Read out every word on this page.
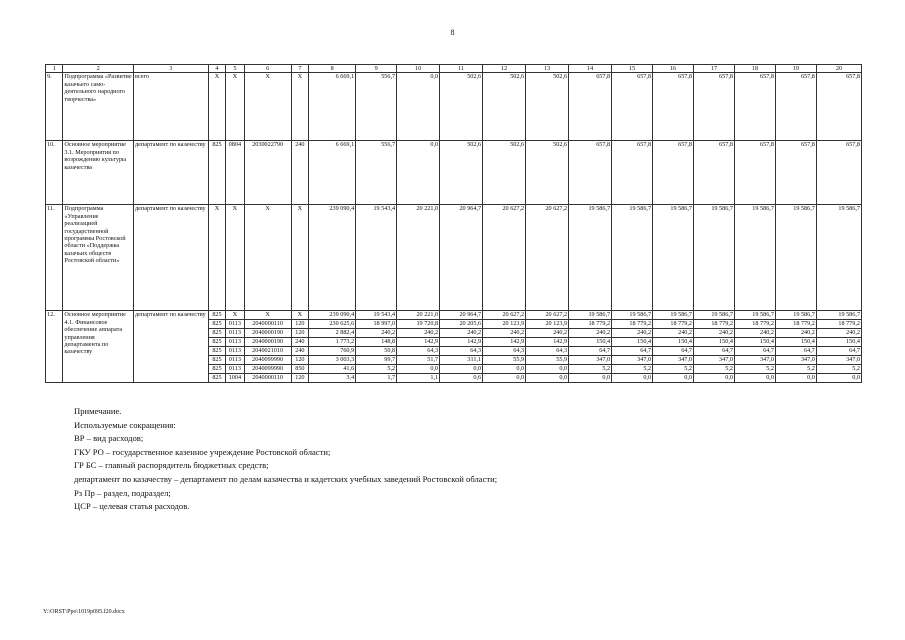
8
1	2	3	4	5	6	7	8	9	10	11	12	13	14	15	16	17	18	19	20
9.	Подпрограмма «Развитие казачьего само-деятельного народного творчества»	всего	Х	Х	Х	Х	6 669,1	556,7	0,0	502,6	502,6	502,6	657,8	657,8	657,8	657,8	657,8	657,8	657,8
10.	Основное мероприятие 3.1. Мероприятия по возрождению культуры казачества	департамент по казачеству	825	0804	2030022790	240	6 669,1	556,7	0,0	502,6	502,6	502,6	657,8	657,8	657,8	657,8	657,8	657,8	657,8
11.	Подпрограмма «Управление реализацией государственной программы Ростовской области «Поддержка казачьих обществ Ростовской области»	департамент по казачеству	Х	Х	Х	Х	239 090,4	19 543,4	20 221,0	20 964,7	20 627,2	20 627,2	19 586,7	19 586,7	19 586,7	19 586,7	19 586,7	19 586,7	19 586,7
12.	Основное мероприятие 4.1. Финансовое обеспечение аппарата управления департамента по казачеству	департамент по казачеству	825	Х	Х	Х	239 090,4	19 543,4	20 221,0	20 964,7	20 627,2	20 627,2	19 586,7	19 586,7	19 586,7	19 586,7	19 586,7	19 586,7	19 586,7
			825	0113	2040000110	120	230 625,6	18 997,0	19 720,8	20 205,6	20 123,9	20 123,9	18 779,2	18 779,2	18 779,2	18 779,2	18 779,2	18 779,2	18 779,2
			825	0113	2040000190	120	2 882,4	240,2	240,2	240,2	240,2	240,2	240,2	240,2	240,2	240,2	240,2	240,2	240,2
			825	0113	2040000190	240	1 773,2	148,8	142,9	142,9	142,9	142,9	150,4	150,4	150,4	150,4	150,4	150,4	150,4
			825	0113	2040021010	240	760,9	50,8	64,3	64,3	64,3	64,3	64,7	64,7	64,7	64,7	64,7	64,7	64,7
			825	0113	2040099990	120	3 003,3	99,7	51,7	311,1	55,9	55,9	347,0	347,0	347,0	347,0	347,0	347,0	347,0
			825	0113	2040099990	850	41,6	5,2	0,0	0,0	0,0	0,0	5,2	5,2	5,2	5,2	5,2	5,2	5,2
			825	1004	2040000110	120	3,4	1,7	1,1	0,6	0,0	0,0	0,0	0,0	0,0	0,0	0,0	0,0	0,0
Примечание.
Используемые сокращения:
ВР – вид расходов;
ГКУ РО – государственное казенное учреждение Ростовской области;
ГР БС – главный распорядитель бюджетных средств;
департамент по казачеству – департамент по делам казачества и кадетских учебных заведений Ростовской области;
Рз Пр – раздел, подраздел;
ЦСР – целевая статья расходов.
Y:\ORST\Ppo\1019p095.f20.docx
